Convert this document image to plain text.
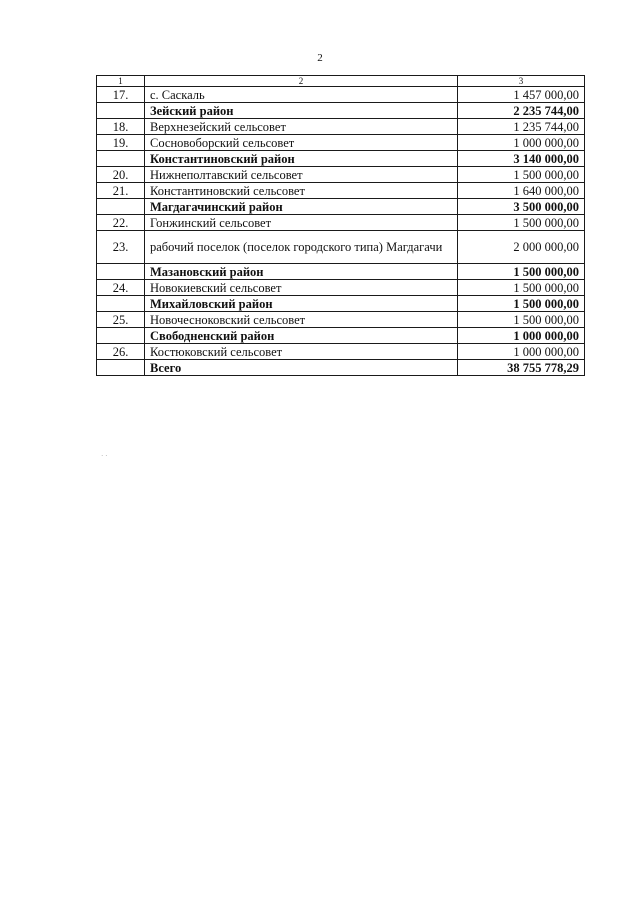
2
1	2	3
17.	с. Саскаль	1 457 000,00
	Зейский район	2 235 744,00
18.	Верхнезейский сельсовет	1 235 744,00
19.	Сосновоборский сельсовет	1 000 000,00
	Константиновский район	3 140 000,00
20.	Нижнеполтавский сельсовет	1 500 000,00
21.	Константиновский сельсовет	1 640 000,00
	Магдагачинский район	3 500 000,00
22.	Гонжинский сельсовет	1 500 000,00
23.	рабочий поселок (поселок городского типа) Магдагачи	2 000 000,00
	Мазановский район	1 500 000,00
24.	Новокиевский сельсовет	1 500 000,00
	Михайловский район	1 500 000,00
25.	Новочесноковский сельсовет	1 500 000,00
	Свободненский район	1 000 000,00
26.	Костюковский сельсовет	1 000 000,00
	Всего	38 755 778,29
· ·
